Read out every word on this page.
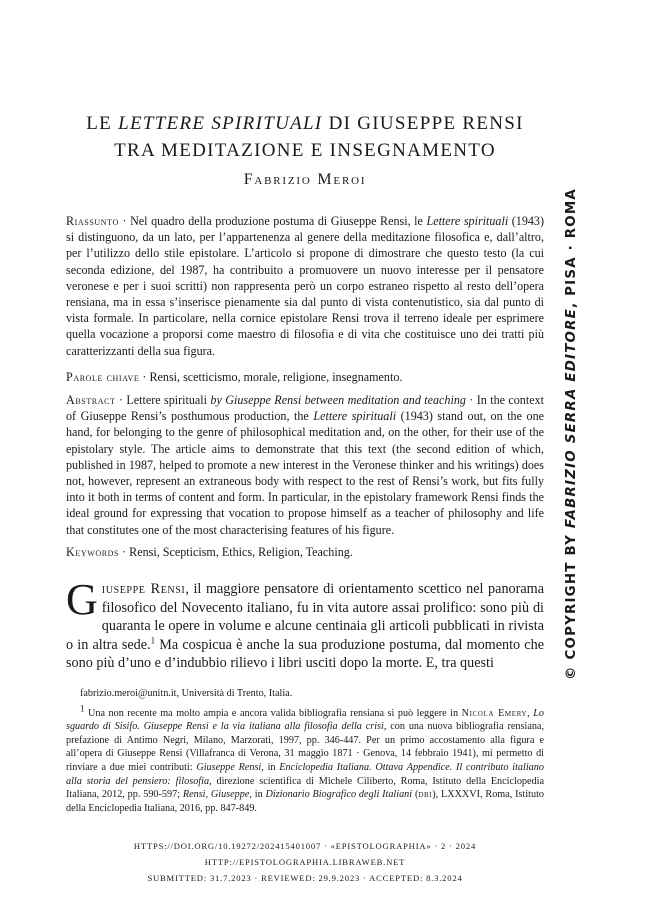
LE LETTERE SPIRITUALI DI GIUSEPPE RENSI
TRA MEDITAZIONE E INSEGNAMENTO
Fabrizio Meroi
Riassunto · Nel quadro della produzione postuma di Giuseppe Rensi, le Lettere spirituali (1943) si distinguono, da un lato, per l’appartenenza al genere della meditazione filosofica e, dall’altro, per l’utilizzo dello stile epistolare. L’articolo si propone di dimostrare che questo testo (la cui seconda edizione, del 1987, ha contribuito a promuovere un nuovo interesse per il pensatore veronese e per i suoi scritti) non rappresenta però un corpo estraneo rispetto al resto dell’opera rensiana, ma in essa s’inserisce pienamente sia dal punto di vista contenutistico, sia dal punto di vista formale. In particolare, nella cornice epistolare Rensi trova il terreno ideale per esprimere quella vocazione a proporsi come maestro di filosofia e di vita che costituisce uno dei tratti più caratterizzanti della sua figura.
Parole chiave · Rensi, scetticismo, morale, religione, insegnamento.
Abstract · Lettere spirituali by Giuseppe Rensi between meditation and teaching · In the context of Giuseppe Rensi’s posthumous production, the Lettere spirituali (1943) stand out, on the one hand, for belonging to the genre of philosophical meditation and, on the other, for their use of the epistolary style. The article aims to demonstrate that this text (the second edition of which, published in 1987, helped to promote a new interest in the Veronese thinker and his writings) does not, however, represent an extraneous body with respect to the rest of Rensi’s work, but fits fully into it both in terms of content and form. In particular, in the epistolary framework Rensi finds the ideal ground for expressing that vocation to propose himself as a teacher of philosophy and life that constitutes one of the most characterising features of his figure.
Keywords · Rensi, Scepticism, Ethics, Religion, Teaching.
Giuseppe Rensi, il maggiore pensatore di orientamento scettico nel panorama filosofico del Novecento italiano, fu in vita autore assai prolifico: sono più di quaranta le opere in volume e alcune centinaia gli articoli pubblicati in rivista o in altra sede.$^1$ Ma cospicua è anche la sua produzione postuma, dal momento che sono più d’uno e d’indubbio rilievo i libri usciti dopo la morte. E, tra questi

fabrizio.meroi@unitn.it, Università di Trento, Italia.

1 Una non recente ma molto ampia e ancora valida bibliografia rensiana si può leggere in Nicola Emery, Lo sguardo di Sisifo. Giuseppe Rensi e la via italiana alla filosofia della crisi, con una nuova bibliografia rensiana, prefazione di Antimo Negri, Milano, Marzorati, 1997, pp. 346-447. Per un primo accostamento alla figura e all’opera di Giuseppe Rensi (Villafranca di Verona, 31 maggio 1871 · Genova, 14 febbraio 1941), mi permetto di rinviare a due miei contributi: Giuseppe Rensi, in Enciclopedia Italiana. Ottava Appendice. Il contributo italiano alla storia del pensiero: filosofia, direzione scientifica di Michele Ciliberto, Roma, Istituto della Enciclopedia Italiana, 2012, pp. 590-597; Rensi, Giuseppe, in Dizionario Biografico degli Italiani (dbi), LXXXVI, Roma, Istituto della Enciclopedia Italiana, 2016, pp. 847-849.

HTTPS://DOI.ORG/10.19272/202415401007 · «EPISTOLOGRAPHIA» · 2 · 2024
HTTP://EPISTOLOGRAPHIA.LIBRAWEB.NET
SUBMITTED: 31.7.2023 · REVIEWED: 29.9.2023 · ACCEPTED: 8.3.2024
© COPYRIGHT BY FABRIZIO SERRA EDITORE, PISA · ROMA
